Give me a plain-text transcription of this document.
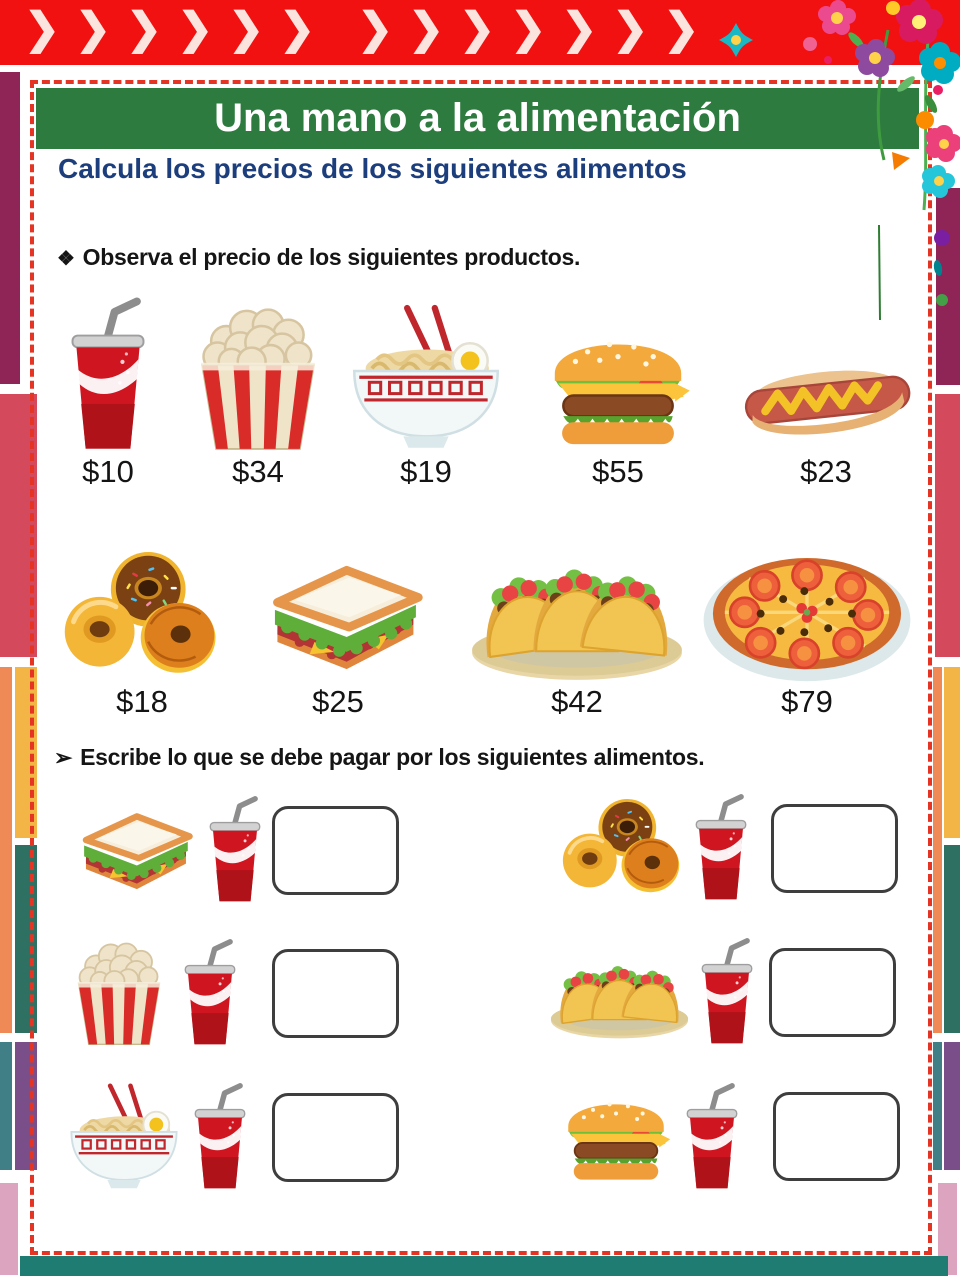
❯❯❯❯❯❯ ❯❯❯❯❯❯❯
Una mano a la alimentación
Calcula los precios de los siguientes alimentos
❖ Observa el precio de los siguientes productos.
$10	$34	$19	$55	$23
$18	$25	$42	$79
➢ Escribe lo que se debe pagar por los siguientes alimentos.
